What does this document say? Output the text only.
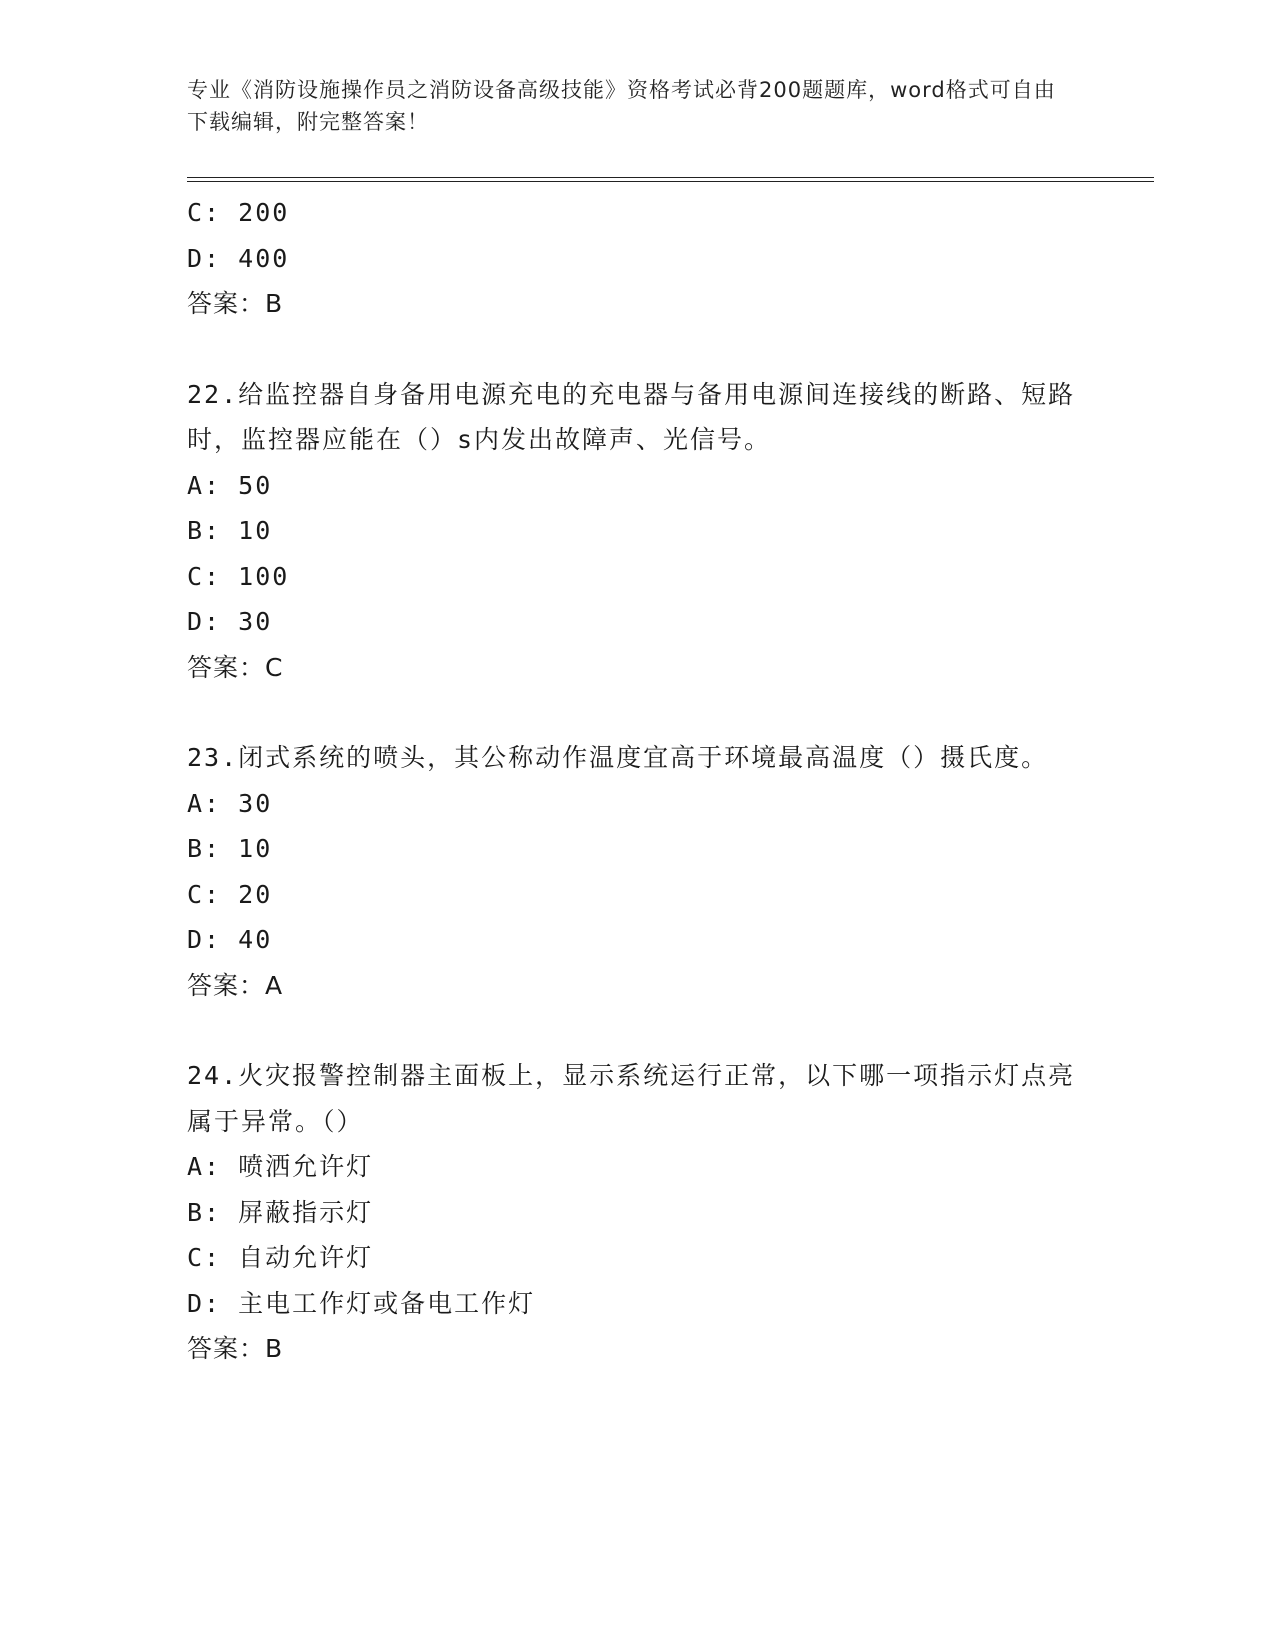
专业《消防设施操作员之消防设备高级技能》资格考试必背200题题库，word格式可自由下载编辑，附完整答案！
C: 200
D: 400
答案：B
22.给监控器自身备用电源充电的充电器与备用电源间连接线的断路、短路时，监控器应能在（）s内发出故障声、光信号。
A: 50
B: 10
C: 100
D: 30
答案：C
23.闭式系统的喷头，其公称动作温度宜高于环境最高温度（）摄氏度。
A: 30
B: 10
C: 20
D: 40
答案：A
24.火灾报警控制器主面板上，显示系统运行正常，以下哪一项指示灯点亮属于异常。（）
A: 喷洒允许灯
B: 屏蔽指示灯
C: 自动允许灯
D: 主电工作灯或备电工作灯
答案：B
